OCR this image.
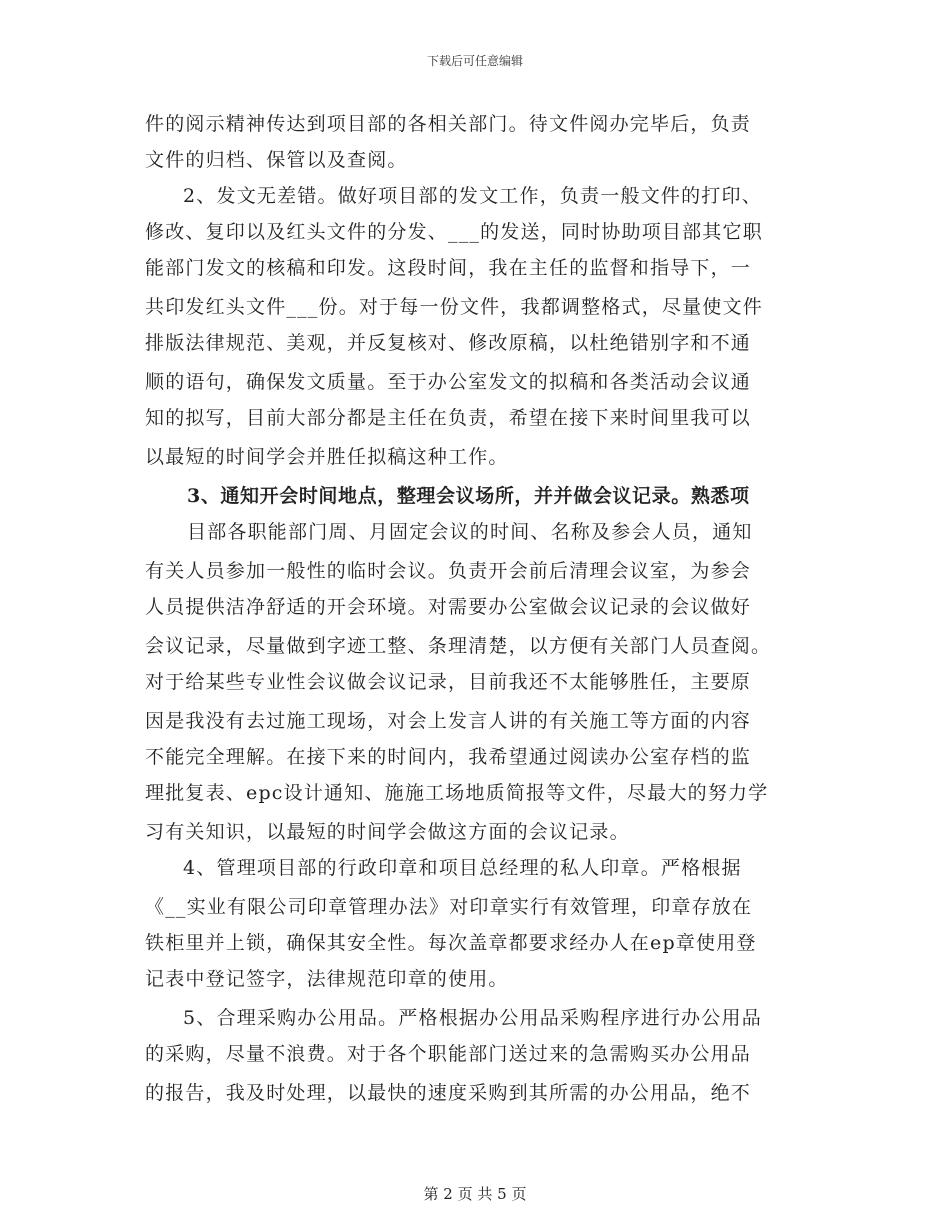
下载后可任意编辑
件的阅示精神传达到项目部的各相关部门。待文件阅办完毕后，负责
文件的归档、保管以及查阅。
2、发文无差错。做好项目部的发文工作，负责一般文件的打印、
修改、复印以及红头文件的分发、___的发送，同时协助项目部其它职
能部门发文的核稿和印发。这段时间，我在主任的监督和指导下，一
共印发红头文件___份。对于每一份文件，我都调整格式，尽量使文件
排版法律规范、美观，并反复核对、修改原稿，以杜绝错别字和不通
顺的语句，确保发文质量。至于办公室发文的拟稿和各类活动会议通
知的拟写，目前大部分都是主任在负责，希望在接下来时间里我可以
以最短的时间学会并胜任拟稿这种工作。
3、通知开会时间地点，整理会议场所，并并做会议记录。熟悉项
目部各职能部门周、月固定会议的时间、名称及参会人员，通知
有关人员参加一般性的临时会议。负责开会前后清理会议室，为参会
人员提供洁净舒适的开会环境。对需要办公室做会议记录的会议做好
会议记录，尽量做到字迹工整、条理清楚，以方便有关部门人员查阅。
对于给某些专业性会议做会议记录，目前我还不太能够胜任，主要原
因是我没有去过施工现场，对会上发言人讲的有关施工等方面的内容
不能完全理解。在接下来的时间内，我希望通过阅读办公室存档的监
理批复表、epc设计通知、施施工场地质简报等文件，尽最大的努力学
习有关知识，以最短的时间学会做这方面的会议记录。
4、管理项目部的行政印章和项目总经理的私人印章。严格根据
《__实业有限公司印章管理办法》对印章实行有效管理，印章存放在
铁柜里并上锁，确保其安全性。每次盖章都要求经办人在ep章使用登
记表中登记签字，法律规范印章的使用。
5、合理采购办公用品。严格根据办公用品采购程序进行办公用品
的采购，尽量不浪费。对于各个职能部门送过来的急需购买办公用品
的报告，我及时处理，以最快的速度采购到其所需的办公用品，绝不
第 2 页 共 5 页
